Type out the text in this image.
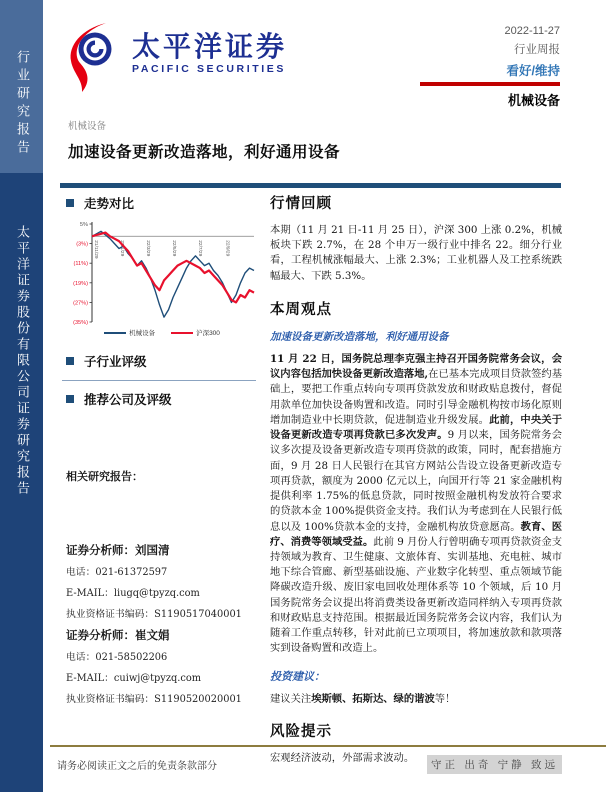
行业研究报告
太平洋证券股份有限公司证券研究报告
太平洋证券
PACIFIC SECURITIES
2022-11-27
行业周报
看好/维持
机械设备
机械设备
加速设备更新改造落地，利好通用设备
走势对比
5%
(3%)
(11%)
(19%)
(27%)
(35%)
21/11/29	22/1/29	22/3/29	22/5/29	22/7/29	22/9/29
机械设备	沪深300
子行业评级
推荐公司及评级
相关研究报告：
证券分析师：刘国清
电话：021-61372597
E-MAIL：liugq@tpyzq.com
执业资格证书编码：S1190517040001
证券分析师：崔文娟
电话：021-58502206
E-MAIL：cuiwj@tpyzq.com
执业资格证书编码：S1190520020001
行情回顾
本期（11 月 21 日-11 月 25 日），沪深 300 上涨 0.2%，机械板块下跌 2.7%，在 28 个申万一级行业中排名 22。细分行业看，工程机械涨幅最大、上涨 2.3%；工业机器人及工控系统跌幅最大、下跌 5.3%。
本周观点
加速设备更新改造落地，利好通用设备
11 月 22 日，国务院总理李克强主持召开国务院常务会议，会议内容包括加快设备更新改造落地,在已基本完成项目贷款签约基础上，要把工作重点转向专项再贷款发放和财政贴息拨付，督促用款单位加快设备购置和改造。同时引导金融机构按市场化原则增加制造业中长期贷款，促进制造业升级发展。此前，中央关于设备更新改造专项再贷款已多次发声。9 月以来，国务院常务会议多次提及设备更新改造专项再贷款的政策，同时，配套措施方面，9 月 28 日人民银行在其官方网站公告设立设备更新改造专项再贷款，额度为 2000 亿元以上，向国开行等 21 家金融机构提供利率 1.75%的低息贷款，同时按照金融机构发放符合要求的贷款本金 100%提供资金支持。我们认为考虑到在人民银行低息以及 100%贷款本金的支持，金融机构放贷意愿高。教育、医疗、消费等领域受益。此前 9 月份人行曾明确专项再贷款资金支持领域为教育、卫生健康、文旅体育、实训基地、充电桩、城市地下综合管廊、新型基础设施、产业数字化转型、重点领域节能降碳改造升级、废旧家电回收处理体系等 10 个领域，后 10 月国务院常务会议提出将消费类设备更新改造同样纳入专项再贷款和财政贴息支持范围。根据最近国务院常务会议内容，我们认为随着工作重点转移，针对此前已立项项目，将加速放款和款项落实到设备购置和改造上。
投资建议：
建议关注埃斯顿、拓斯达、绿的谐波等！
风险提示
宏观经济波动，外部需求波动。
请务必阅读正文之后的免责条款部分	守正 出奇 宁静 致远
